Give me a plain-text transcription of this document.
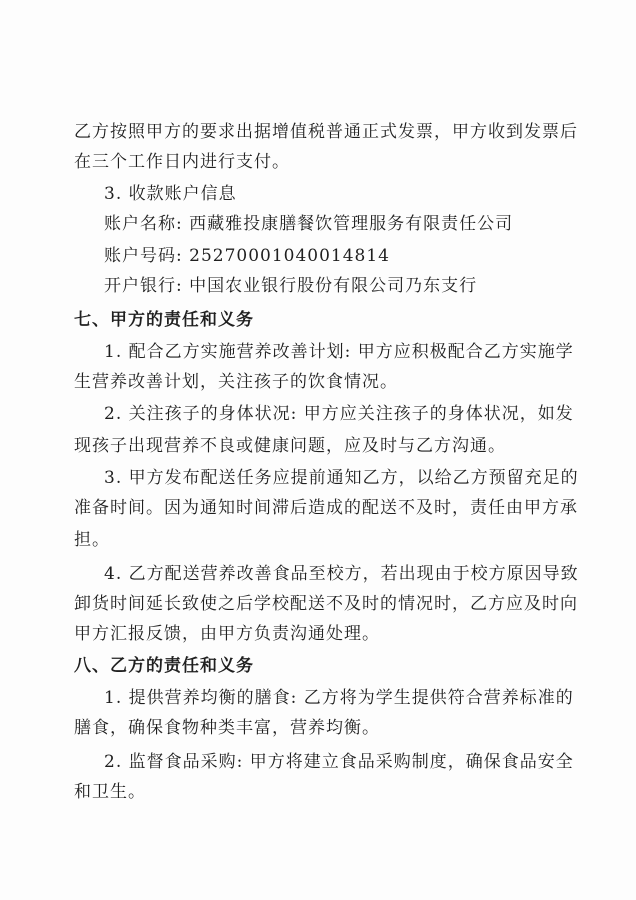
乙方按照甲方的要求出据增值税普通正式发票，甲方收到发票后
在三个工作日内进行支付。
3. 收款账户信息
账户名称: 西藏雅投康膳餐饮管理服务有限责任公司
账户号码: 25270001040014814
开户银行: 中国农业银行股份有限公司乃东支行
七、甲方的责任和义务
1. 配合乙方实施营养改善计划: 甲方应积极配合乙方实施学
生营养改善计划，关注孩子的饮食情况。
2. 关注孩子的身体状况: 甲方应关注孩子的身体状况，如发
现孩子出现营养不良或健康问题，应及时与乙方沟通。
3. 甲方发布配送任务应提前通知乙方，以给乙方预留充足的
准备时间。因为通知时间滞后造成的配送不及时，责任由甲方承
担。
4. 乙方配送营养改善食品至校方，若出现由于校方原因导致
卸货时间延长致使之后学校配送不及时的情况时，乙方应及时向
甲方汇报反馈，由甲方负责沟通处理。
八、乙方的责任和义务
1. 提供营养均衡的膳食: 乙方将为学生提供符合营养标准的
膳食，确保食物种类丰富，营养均衡。
2. 监督食品采购: 甲方将建立食品采购制度，确保食品安全
和卫生。
